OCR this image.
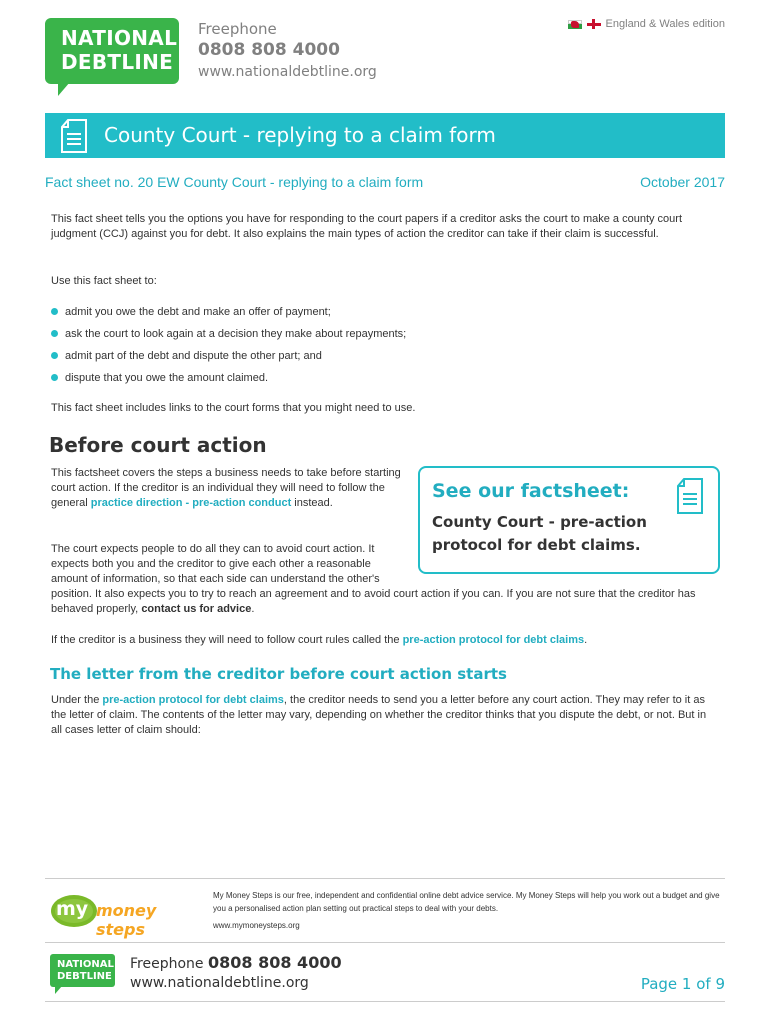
NATIONAL
DEBTLINE
Freephone
0808 808 4000
www.nationaldebtline.org
England & Wales edition
County Court - replying to a claim form
Fact sheet no. 20 EW County Court - replying to a claim form	October 2017
This fact sheet tells you the options you have for responding to the court papers if a creditor asks the court to make a county court judgment (CCJ) against you for debt. It also explains the main types of action the creditor can take if their claim is successful.
Use this fact sheet to:
admit you owe the debt and make an offer of payment;
ask the court to look again at a decision they make about repayments;
admit part of the debt and dispute the other part; and
dispute that you owe the amount claimed.
This fact sheet includes links to the court forms that you might need to use.
Before court action
This factsheet covers the steps a business needs to take before starting court action. If the creditor is an individual they will need to follow the general practice direction - pre-action conduct instead.
See our factsheet:
County Court - pre-action protocol for debt claims.
The court expects people to do all they can to avoid court action. It expects both you and the creditor to give each other a reasonable amount of information, so that each side can understand the other's position. It also expects you to try to reach an agreement and to avoid court action if you can. If you are not sure that the creditor has behaved properly, contact us for advice.
If the creditor is a business they will need to follow court rules called the pre-action protocol for debt claims.
The letter from the creditor before court action starts
Under the pre-action protocol for debt claims, the creditor needs to send you a letter before any court action. They may refer to it as the letter of claim. The contents of the letter may vary, depending on whether the creditor thinks that you dispute the debt, or not. But in all cases letter of claim should:
my money steps
My Money Steps is our free, independent and confidential online debt advice service. My Money Steps will help you work out a budget and give you a personalised action plan setting out practical steps to deal with your debts.
www.mymoneysteps.org
NATIONAL
DEBTLINE
Freephone 0808 808 4000
www.nationaldebtline.org	Page 1 of 9
